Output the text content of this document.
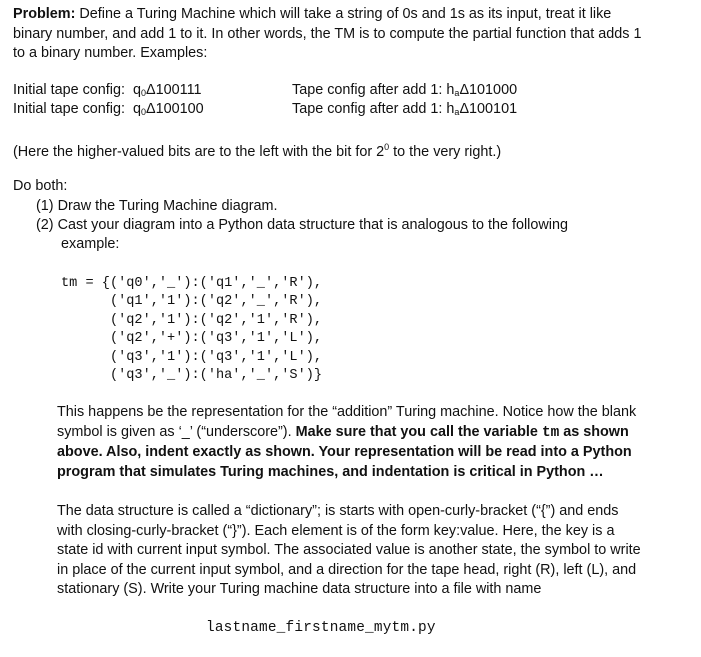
Problem: Define a Turing Machine which will take a string of 0s and 1s as its input, treat it like binary number, and add 1 to it. In other words, the TM is to compute the partial function that adds 1 to a binary number. Examples:
Initial tape config: $q_0\Delta 100111$	Tape config after add 1: $h_a\Delta 101000$
Initial tape config: $q_0\Delta 100100$	Tape config after add 1: $h_a\Delta 100101$
(Here the higher-valued bits are to the left with the bit for $2^0$ to the very right.)
Do both:
(1) Draw the Turing Machine diagram.
(2) Cast your diagram into a Python data structure that is analogous to the following
example:
tm = {('q0','_'):('q1','_','R'),
('q1','1'):('q2','_','R'),
('q2','1'):('q2','1','R'),
('q2','+'):('q3','1','L'),
('q3','1'):('q3','1','L'),
('q3','_'):('ha','_','S')}
This happens be the representation for the “addition” Turing machine. Notice how the blank symbol is given as ‘_’ (“underscore”). Make sure that you call the variable tm as shown above. Also, indent exactly as shown. Your representation will be read into a Python program that simulates Turing machines, and indentation is critical in Python …
The data structure is called a “dictionary”; is starts with open-curly-bracket (“{”) and ends with closing-curly-bracket (“}”). Each element is of the form key:value. Here, the key is a state id with current input symbol. The associated value is another state, the symbol to write in place of the current input symbol, and a direction for the tape head, right (R), left (L), and stationary (S). Write your Turing machine data structure into a file with name
lastname_firstname_mytm.py
